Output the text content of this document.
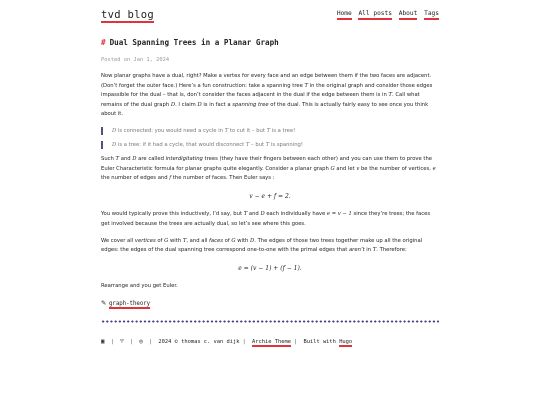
tvd blog	Home All posts About Tags
# Dual Spanning Trees in a Planar Graph
Posted on Jan 1, 2024

Now planar graphs have a dual, right? Make a vertex for every face and an edge between them if the two faces are adjacent. (Don’t forget the outer face.) Here’s a fun construction: take a spanning tree T in the original graph and consider those edges impassible for the dual – that is, don’t consider the faces adjacent in the dual if the edge between them is in T. Call what remains of the dual graph D. I claim D is in fact a spanning tree of the dual. This is actually fairly easy to see once you think about it.

D is connected: you would need a cycle in T to cut it – but T is a tree!
D is a tree: if it had a cycle, that would disconnect T – but T is spanning!

Such T and D are called interdigitating trees (they have their fingers between each other) and you can use them to prove the Euler Characteristic formula for planar graphs quite elegantly. Consider a planar graph G and let v be the number of vertices, e the number of edges and f the number of faces. Then Euler says :

v − e + f = 2.

You would typically prove this inductively, I’d say, but T and D each individually have e = v − 1 since they’re trees; the faces get involved because the trees are actually dual, so let’s see where this goes.

We cover all vertices of G with T, and all faces of G with D. The edges of those two trees together make up all the original edges: the edges of the dual spanning tree correspond one-to-one with the primal edges that aren’t in T. Therefore:

e = (v − 1) + (f − 1).

Rearrange and you get Euler.

✎ graph-theory
▣ | ♈ | ◎ | 2024 © thomas c. van dijk | Archie Theme | Built with Hugo
